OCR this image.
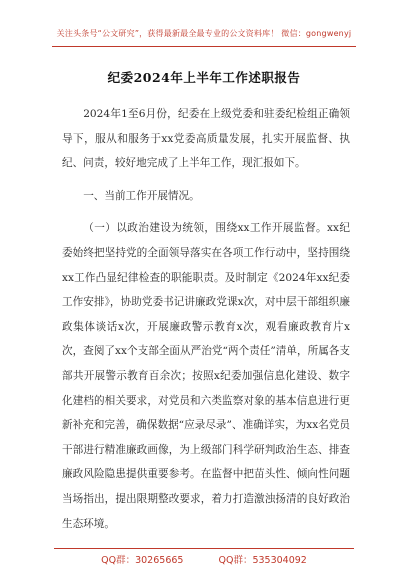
关注头条号“公文研究”，获得最新最全最专业的公文资料库！ 微信：gongwenyj
纪委2024年上半年工作述职报告

2024年1至6月份，纪委在上级党委和驻委纪检组正确领导下，服从和服务于xx党委高质量发展，扎实开展监督、执纪、问责，较好地完成了上半年工作，现汇报如下。

一、当前工作开展情况。

（一）以政治建设为统领，围绕xx工作开展监督。xx纪委始终把坚持党的全面领导落实在各项工作行动中，坚持围绕xx工作凸显纪律检查的职能职责。及时制定《2024年xx纪委工作安排》，协助党委书记讲廉政党课x次，对中层干部组织廉政集体谈话x次，开展廉政警示教育x次，观看廉政教育片x次，查阅了xx个支部全面从严治党“两个责任”清单，所属各支部共开展警示教育百余次；按照x纪委加强信息化建设、数字化建档的相关要求，对党员和六类监察对象的基本信息进行更新补充和完善，确保数据“应录尽录”、准确详实，为xx名党员干部进行精准廉政画像，为上级部门科学研判政治生态、排查廉政风险隐患提供重要参考。在监督中把苗头性、倾向性问题当场指出，提出限期整改要求，着力打造激浊扬清的良好政治生态环境。

QQ群：30265665	QQ群：535304092
